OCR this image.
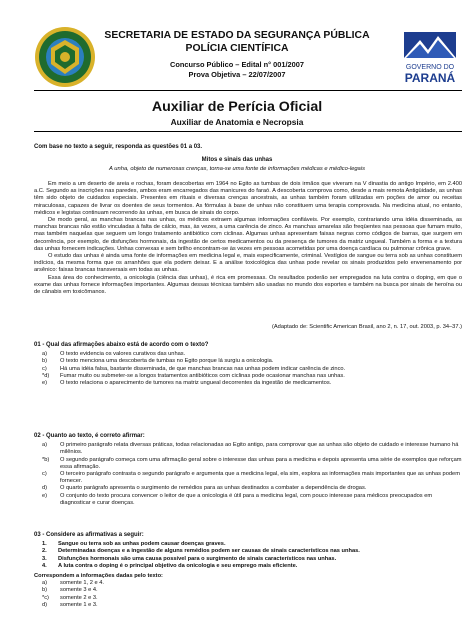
GOVERNO DO
PARANÁ
SECRETARIA DE ESTADO DA SEGURANÇA PÚBLICA
POLÍCIA CIENTÍFICA
Concurso Público – Edital n° 001/2007
Prova Objetiva – 22/07/2007
Auxiliar de Perícia Oficial
Auxiliar de Anatomia e Necropsia
Com base no texto a seguir, responda as questões 01 a 03.
Mitos e sinais das unhas
A unha, objeto de numerosas crenças, torna-se uma fonte de informações médicas e médico-legais

Em meio a um deserto de areia e rochas, foram descobertas em 1964 no Egito as tumbas de dois irmãos que viveram na V dinastia do antigo Império, em 2.400 a.C. Segundo as inscrições nas paredes, ambos eram encarregados das manicures do faraó. A descoberta comprova como, desde a mais remota Antigüidade, as unhas têm sido objeto de cuidados especiais. Presentes em rituais e diversas crenças ancestrais, as unhas também foram utilizadas em poções de amor ou receitas miraculosas, capazes de livrar os doentes de seus tormentos. As fórmulas à base de unhas não constituem uma terapia comprovada. Na medicina atual, no entanto, médicos e legistas continuam recorrendo às unhas, em busca de sinais do corpo.

De modo geral, as manchas brancas nas unhas, os médicos extraem algumas informações confiáveis. Por exemplo, contrariando uma idéia disseminada, as manchas brancas não estão vinculadas à falta de cálcio, mas, às vezes, a uma carência de zinco. As manchas amarelas são freqüentes nas pessoas que fumam muito, mas também naquelas que seguem um longo tratamento antibiótico com ciclinas. Algumas unhas apresentam faixas negras como códigos de barras, que surgem em decorrência, por exemplo, de disfunções hormonais, da ingestão de certos medicamentos ou da presença de tumores da matriz ungueal. Também a forma e a textura das unhas fornecem indicações. Unhas convexas e sem brilho encontram-se às vezes em pessoas acometidas por uma doença cardíaca ou pulmonar crônica grave.

O estudo das unhas é ainda uma fonte de informações em medicina legal e, mais especificamente, criminal. Vestígios de sangue ou terra sob as unhas constituem indícios, da mesma forma que os arranhões que ela podem deixar. E a análise toxicológica das unhas pode revelar os sinais produzidos pelo envenenamento por arsênico: faixas brancas transversais em todas as unhas.

Essa área do conhecimento, a onicologia (ciência das unhas), é rica em promessas. Os resultados poderão ser empregados na luta contra o doping, em que o exame das unhas fornece informações importantes. Algumas dessas técnicas também são usadas no mundo dos esportes e também na busca por sinais de heroína ou de cânabis em toxicômanos.

(Adaptado de: Scientific American Brasil, ano 2, n. 17, out. 2003, p. 34–37.)
01 - Qual das afirmações abaixo está de acordo com o texto?
a)	O texto evidencia os valores curativos das unhas.
b)	O texto menciona uma descoberta de tumbas no Egito porque lá surgiu a onicologia.
c)	Há uma idéia falsa, bastante disseminada, de que manchas brancas nas unhas podem indicar carência de zinco.
*d)	Fumar muito ou submeter-se a longos tratamentos antibióticos com ciclinas pode ocasionar manchas nas unhas.
e)	O texto relaciona o aparecimento de tumores na matriz ungueal decorrentes da ingestão de medicamentos.
02 - Quanto ao texto, é correto afirmar:
a)	O primeiro parágrafo relata diversas práticas, todas relacionadas ao Egito antigo, para comprovar que as unhas são objeto de cuidado e interesse humano há milênios.
*b)	O segundo parágrafo começa com uma afirmação geral sobre o interesse das unhas para a medicina e depois apresenta uma série de exemplos que reforçam essa afirmação.
c)	O terceiro parágrafo contrasta o segundo parágrafo e argumenta que a medicina legal, ela sim, explora as informações mais importantes que as unhas podem fornecer.
d)	O quarto parágrafo apresenta o surgimento de remédios para as unhas destinados a combater a dependência de drogas.
e)	O conjunto do texto procura convencer o leitor de que a onicologia é útil para a medicina legal, com pouco interesse para médicos preocupados em diagnosticar e curar doenças.
03 - Considere as afirmativas a seguir:
1.	Sangue ou terra sob as unhas podem causar doenças graves.
2.	Determinadas doenças e a ingestão de alguns remédios podem ser causas de sinais característicos nas unhas.
3.	Disfunções hormonais são uma causa possível para o surgimento de sinais característicos nas unhas.
4.	A luta contra o doping é o principal objetivo da onicologia e seu emprego mais eficiente.
Correspondem a informações dadas pelo texto:
a)	somente 1, 2 e 4.
b)	somente 3 e 4.
*c)	somente 2 e 3.
d)	somente 1 e 3.
